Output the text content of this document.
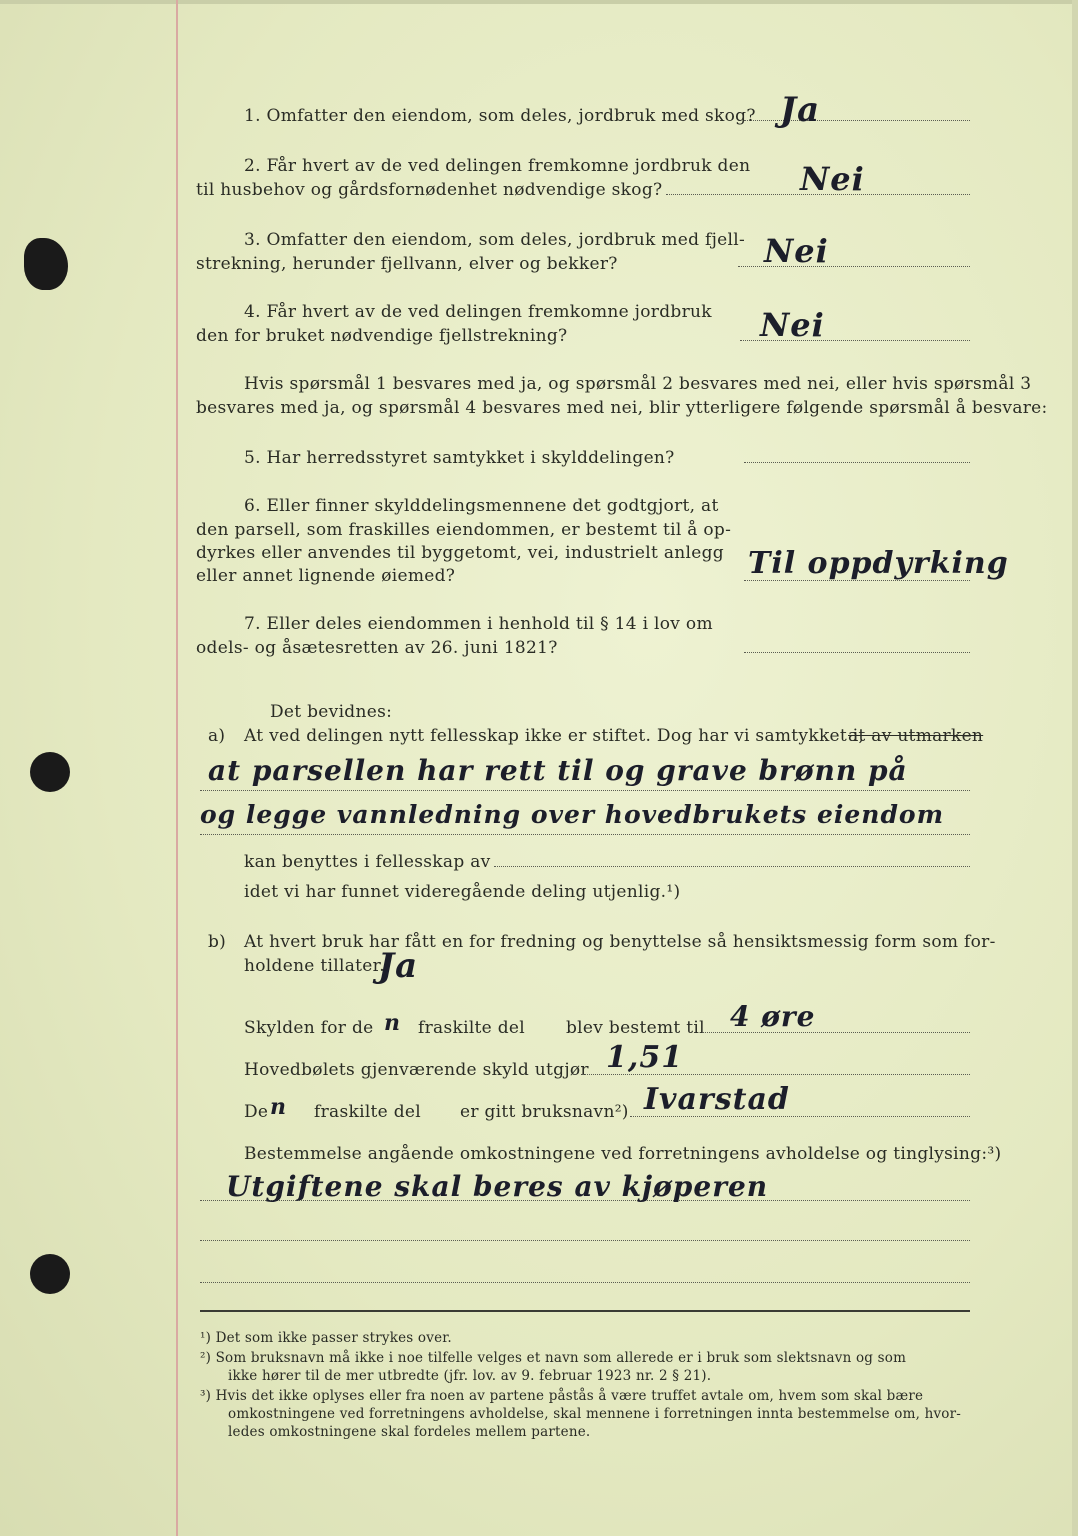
1. Omfatter den eiendom, som deles, jordbruk med skog? Ja
2. Får hvert av de ved delingen fremkomne jordbruk den
til husbehov og gårdsfornødenhet nødvendige skog?	Nei
3. Omfatter den eiendom, som deles, jordbruk med fjell-
strekning, herunder fjellvann, elver og bekker?	Nei
4. Får hvert av de ved delingen fremkomne jordbruk
den for bruket nødvendige fjellstrekning?	Nei
Hvis spørsmål 1 besvares med ja, og spørsmål 2 besvares med nei, eller hvis spørsmål 3
besvares med ja, og spørsmål 4 besvares med nei, blir ytterligere følgende spørsmål å besvare:
5. Har herredsstyret samtykket i skylddelingen?
6. Eller finner skylddelingsmennene det godtgjort, at
den parsell, som fraskilles eiendommen, er bestemt til å op-
dyrkes eller anvendes til byggetomt, vei, industrielt anlegg
eller annet lignende øiemed?	Til oppdyrking
7. Eller deles eiendommen i henhold til § 14 i lov om
odels- og åsætesretten av 26. juni 1821?
Det bevidnes:
a) At ved delingen nytt fellesskap ikke er stiftet. Dog har vi samtykket i,
at av utmarken
at parsellen har rett til og grave brønn på
og legge vannledning over hovedbrukets eiendom
kan benyttes i fellesskap av
idet vi har funnet videregående deling utjenlig.¹)
b) At hvert bruk har fått en for fredning og benyttelse så hensiktsmessig form som for-
holdene tillater.
Ja
Skylden for de n fraskilte del blev bestemt til 4 øre
Hovedbølets gjenværende skyld utgjør 1,51
De n fraskilte del er gitt bruksnavn²) Ivarstad
Bestemmelse angående omkostningene ved forretningens avholdelse og tinglysing:³)
Utgiftene skal beres av kjøperen
¹) Det som ikke passer strykes over.
²) Som bruksnavn må ikke i noe tilfelle velges et navn som allerede er i bruk som slektsnavn og som
ikke hører til de mer utbredte (jfr. lov. av 9. februar 1923 nr. 2 § 21).
³) Hvis det ikke oplyses eller fra noen av partene påstås å være truffet avtale om, hvem som skal bære
omkostningene ved forretningens avholdelse, skal mennene i forretningen innta bestemmelse om, hvor-
ledes omkostningene skal fordeles mellem partene.
